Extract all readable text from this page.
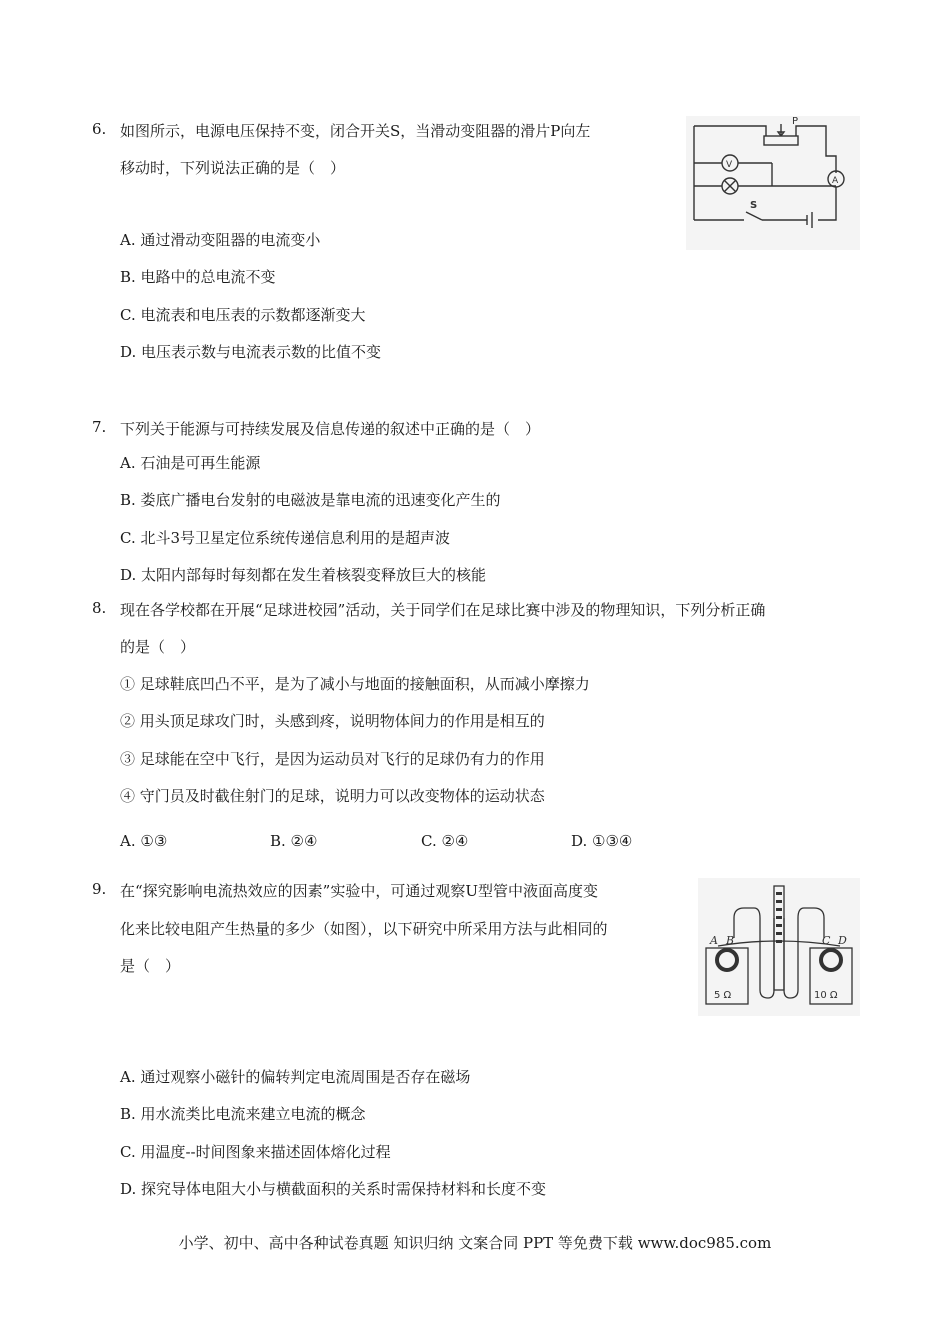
6. 如图所示，电源电压保持不变，闭合开关S，当滑动变阻器的滑片P向左
移动时，下列说法正确的是（　）
P
V
A
S
A. 通过滑动变阻器的电流变小
B. 电路中的总电流不变
C. 电流表和电压表的示数都逐渐变大
D. 电压表示数与电流表示数的比值不变
7. 下列关于能源与可持续发展及信息传递的叙述中正确的是（　）
A. 石油是可再生能源
B. 娄底广播电台发射的电磁波是靠电流的迅速变化产生的
C. 北斗3号卫星定位系统传递信息利用的是超声波
D. 太阳内部每时每刻都在发生着核裂变释放巨大的核能
8. 现在各学校都在开展“足球进校园”活动，关于同学们在足球比赛中涉及的物理知识，下列分析正确
的是（　）
① 足球鞋底凹凸不平，是为了减小与地面的接触面积，从而减小摩擦力
② 用头顶足球攻门时，头感到疼，说明物体间力的作用是相互的
③ 足球能在空中飞行，是因为运动员对飞行的足球仍有力的作用
④ 守门员及时截住射门的足球，说明力可以改变物体的运动状态
A. ①③	B. ②④	C. ②④	D. ①③④
9. 在“探究影响电流热效应的因素”实验中，可通过观察U型管中液面高度变
化来比较电阻产生热量的多少（如图），以下研究中所采用方法与此相同的
是（　）
A B	C D
5 Ω	10 Ω
A. 通过观察小磁针的偏转判定电流周围是否存在磁场
B. 用水流类比电流来建立电流的概念
C. 用温度--时间图象来描述固体熔化过程
D. 探究导体电阻大小与横截面积的关系时需保持材料和长度不变
小学、初中、高中各种试卷真题 知识归纳 文案合同 PPT 等免费下载 www.doc985.com
